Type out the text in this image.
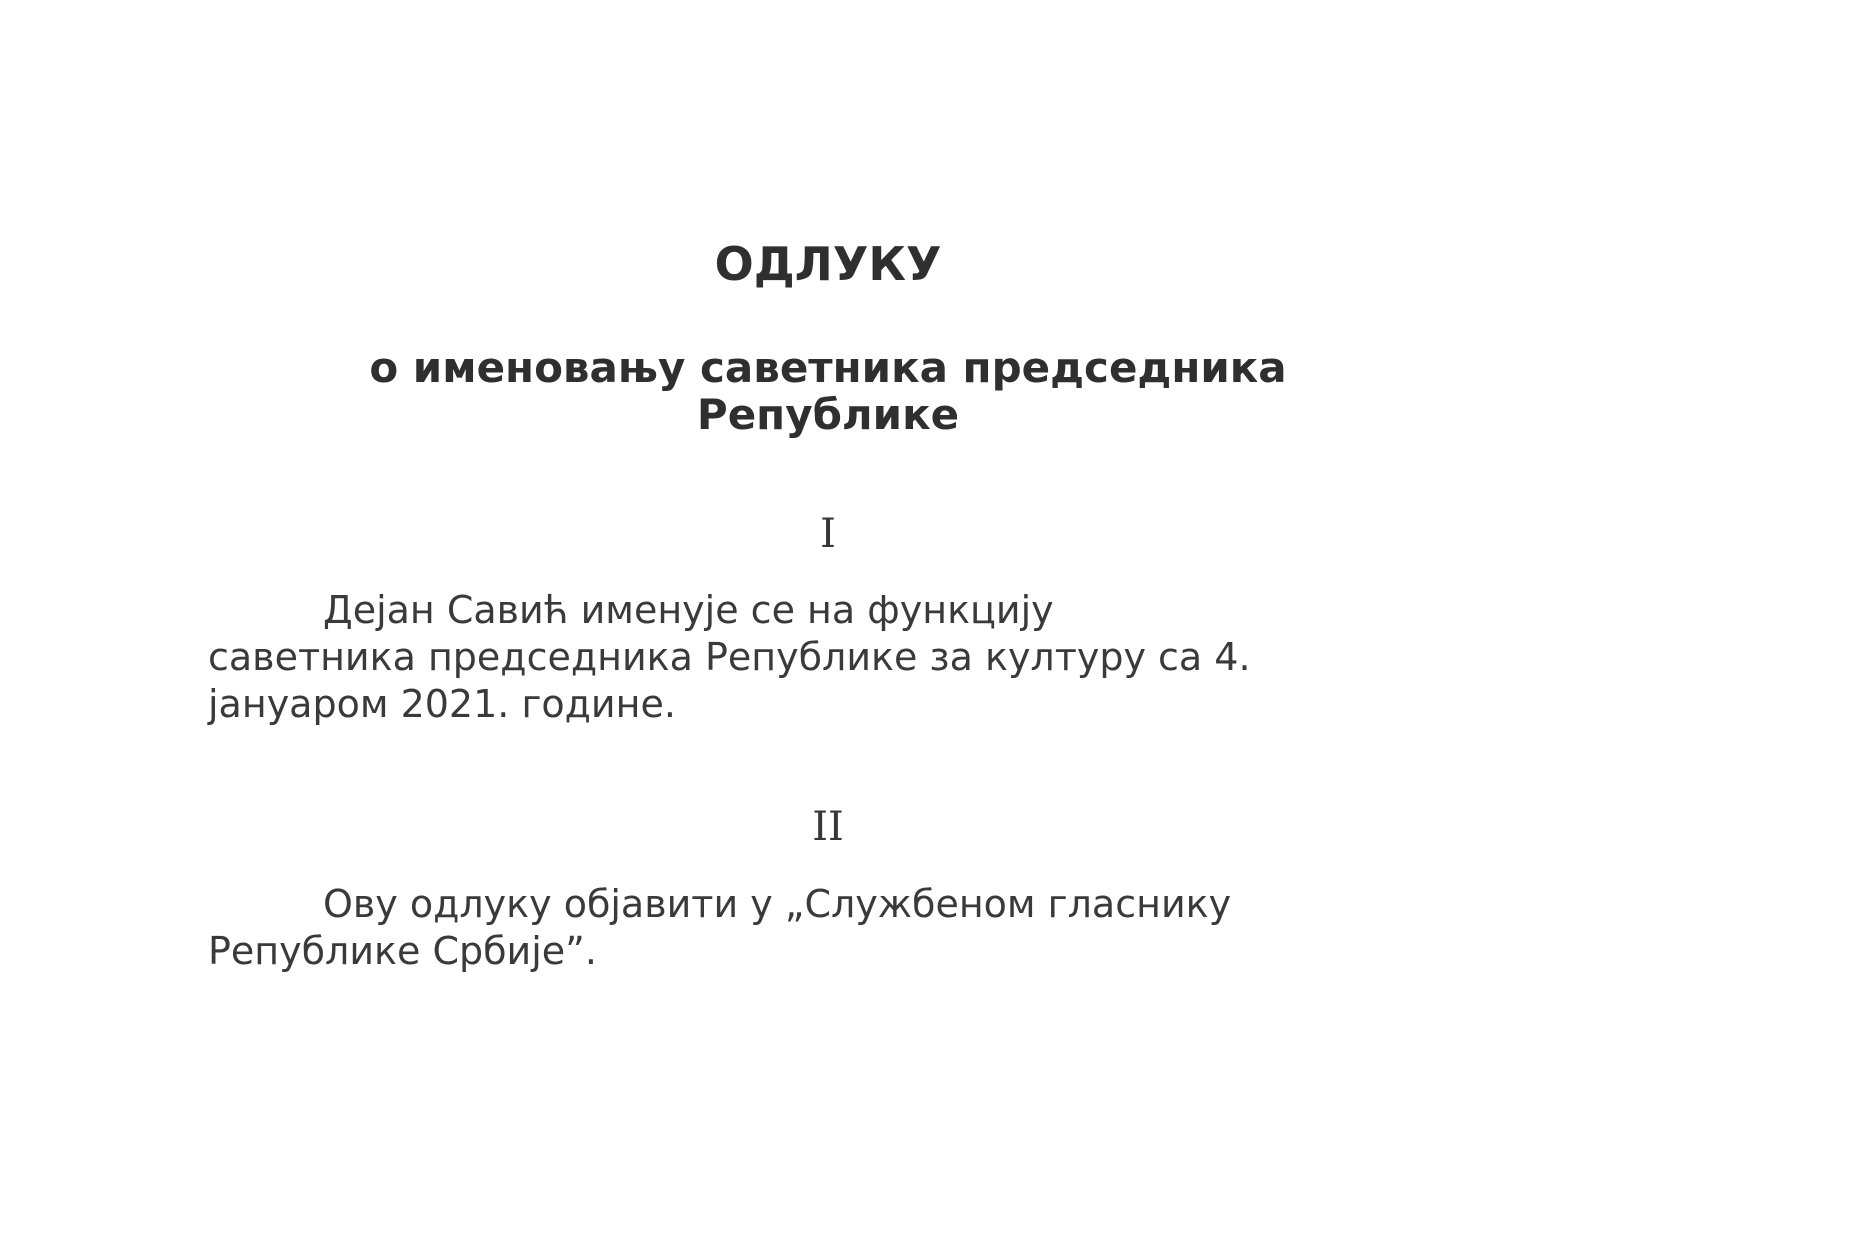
ОДЛУКУ
о именовању саветника председника
Републике
I

Дејан Савић именује се на функцију
саветника председника Републике за културу са 4.
јануаром 2021. године.

II

Ову одлуку објавити у „Службеном гласнику
Републике Србије”.
